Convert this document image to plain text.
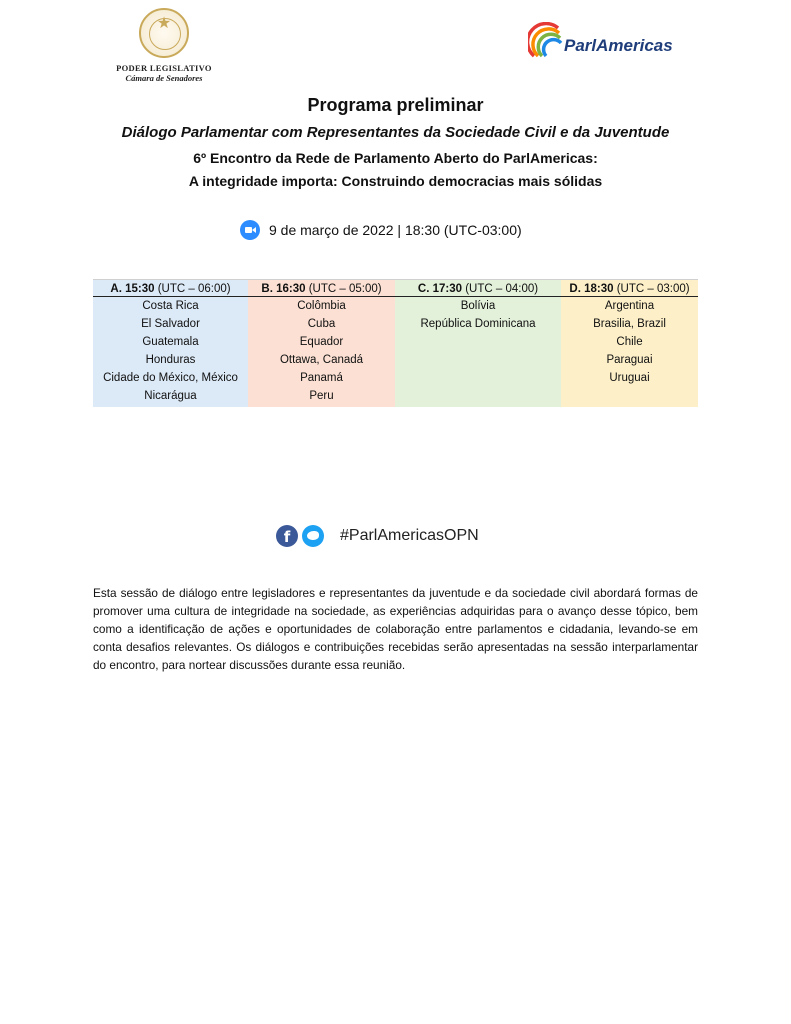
★
PODER LEGISLATIVO
Cámara de Senadores
ParlAmericas
Programa preliminar
Diálogo Parlamentar com Representantes da Sociedade Civil e da Juventude
6º Encontro da Rede de Parlamento Aberto do ParlAmericas:
A integridade importa: Construindo democracias mais sólidas
9 de março de 2022 | 18:30 (UTC-03:00)
A. 15:30 (UTC – 06:00)
Costa Rica
El Salvador
Guatemala
Honduras
Cidade do México, México
Nicarágua
B. 16:30 (UTC – 05:00)
Colômbia
Cuba
Equador
Ottawa, Canadá
Panamá
Peru
C. 17:30 (UTC – 04:00)
Bolívia
República Dominicana
D. 18:30 (UTC – 03:00)
Argentina
Brasilia, Brazil
Chile
Paraguai
Uruguai
f	#ParlAmericasOPN
Esta sessão de diálogo entre legisladores e representantes da juventude e da sociedade civil abordará formas de promover uma cultura de integridade na sociedade, as experiências adquiridas para o avanço desse tópico, bem como a identificação de ações e oportunidades de colaboração entre parlamentos e cidadania, levando-se em conta desafios relevantes. Os diálogos e contribuições recebidas serão apresentadas na sessão interparlamentar do encontro, para nortear discussões durante essa reunião.
